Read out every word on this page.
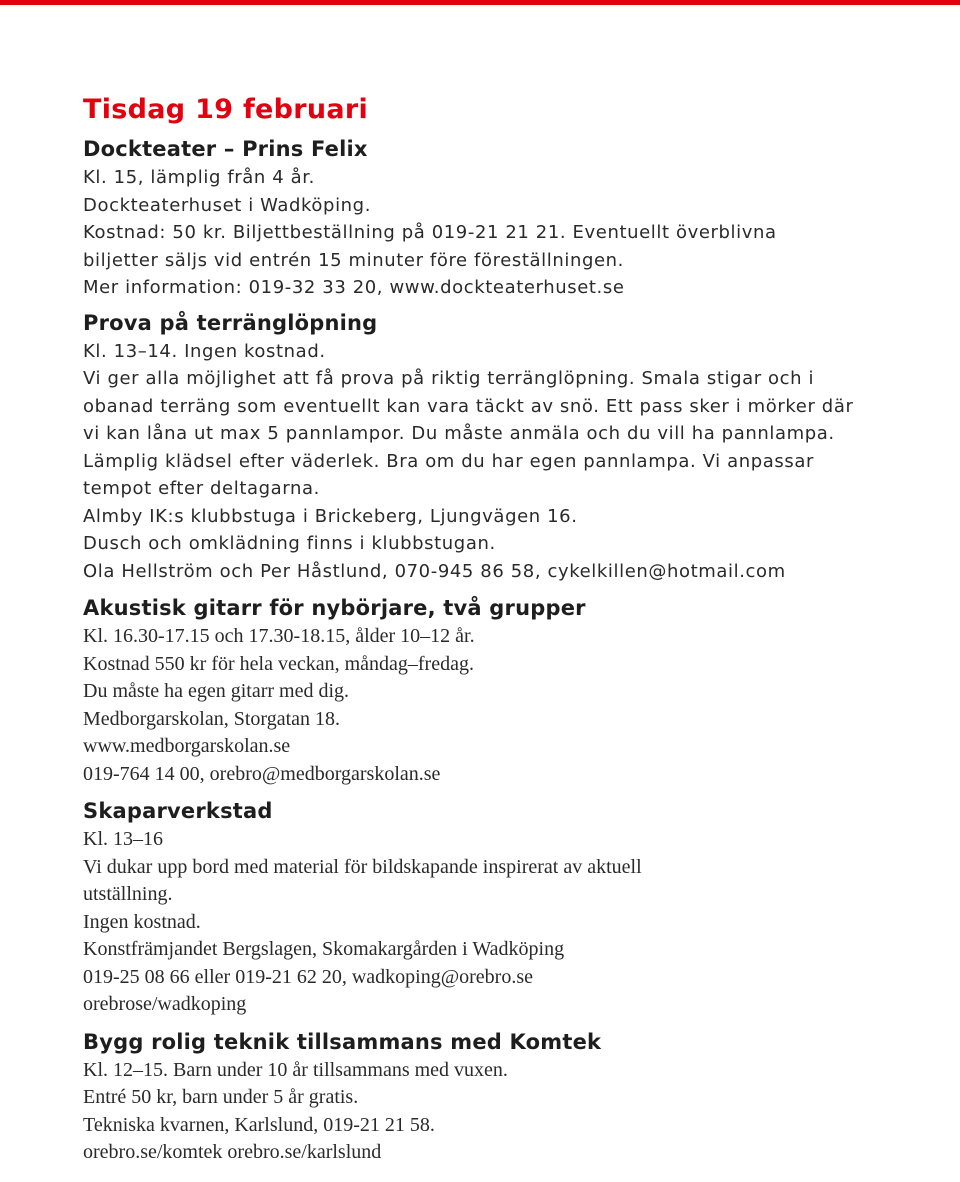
Tisdag 19 februari
Dockteater – Prins Felix
Kl. 15, lämplig från 4 år.
Dockteaterhuset i Wadköping.
Kostnad: 50 kr. Biljettbeställning på 019-21 21 21. Eventuellt överblivna
biljetter säljs vid entrén 15 minuter före föreställningen.
Mer information: 019-32 33 20, www.dockteaterhuset.se
Prova på terränglöpning
Kl. 13–14. Ingen kostnad.
Vi ger alla möjlighet att få prova på riktig terränglöpning. Smala stigar och i
obanad terräng som eventuellt kan vara täckt av snö. Ett pass sker i mörker där
vi kan låna ut max 5 pannlampor. Du måste anmäla och du vill ha pannlampa.
Lämplig klädsel efter väderlek. Bra om du har egen pannlampa. Vi anpassar
tempot efter deltagarna.
Almby IK:s klubbstuga i Brickeberg, Ljungvägen 16.
Dusch och omklädning finns i klubbstugan.
Ola Hellström och Per Håstlund, 070-945 86 58, cykelkillen@hotmail.com
Akustisk gitarr för nybörjare, två grupper
Kl. 16.30-17.15 och 17.30-18.15, ålder 10–12 år.
Kostnad 550 kr för hela veckan, måndag–fredag.
Du måste ha egen gitarr med dig.
Medborgarskolan, Storgatan 18.
www.medborgarskolan.se
019-764 14 00, orebro@medborgarskolan.se
Skaparverkstad
Kl. 13–16
Vi dukar upp bord med material för bildskapande inspirerat av aktuell
utställning.
Ingen kostnad.
Konstfrämjandet Bergslagen, Skomakargården i Wadköping
019-25 08 66 eller 019-21 62 20, wadkoping@orebro.se
orebrose/wadkoping
Bygg rolig teknik tillsammans med Komtek
Kl. 12–15. Barn under 10 år tillsammans med vuxen.
Entré 50 kr, barn under 5 år gratis.
Tekniska kvarnen, Karlslund, 019-21 21 58.
orebro.se/komtek orebro.se/karlslund
